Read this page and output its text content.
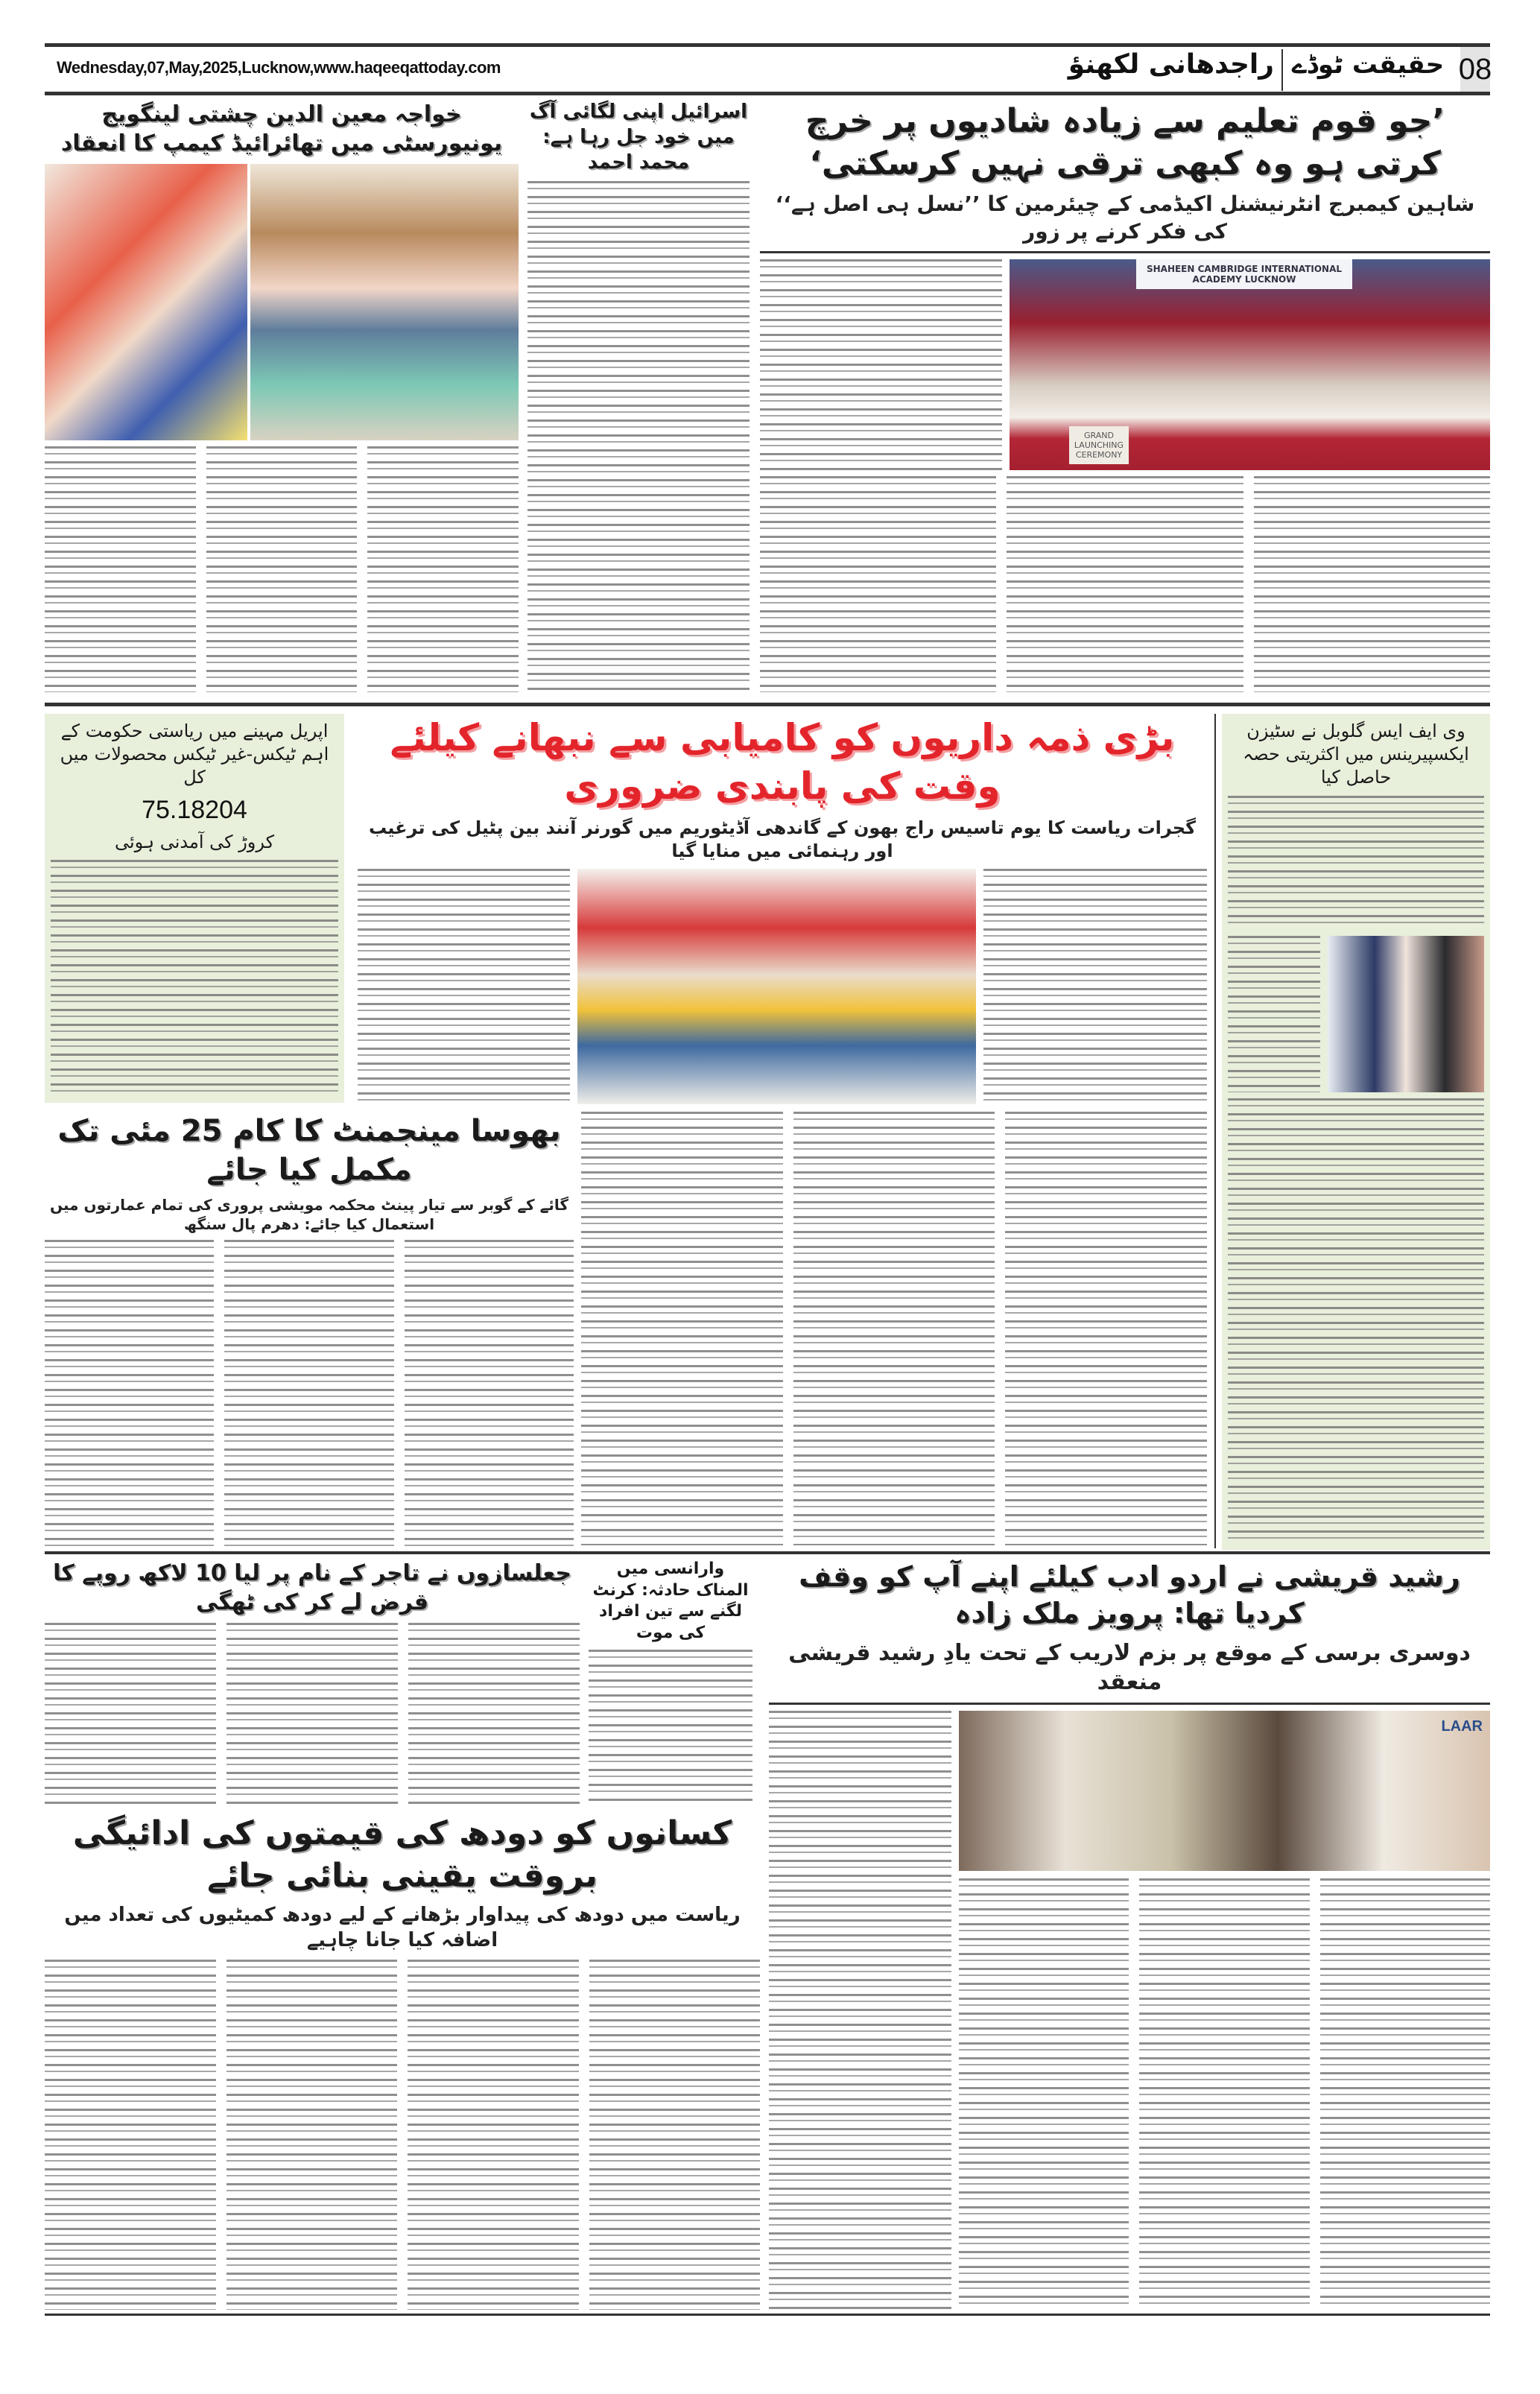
08
حقیقت ٹوڈے
راجدھانی لکھنؤ
Wednesday,07,May,2025,Lucknow,www.haqeeqattoday.com
’جو قوم تعلیم سے زیادہ شادیوں پر خرچ کرتی ہو وہ کبھی ترقی نہیں کرسکتی‘
شاہین کیمبرج انٹرنیشنل اکیڈمی کے چیئرمین کا ’’نسل ہی اصل ہے‘‘ کی فکر کرنے پر زور
SHAHEEN CAMBRIDGE INTERNATIONAL ACADEMY LUCKNOW
GRAND LAUNCHING CEREMONY
اسرائیل اپنی لگائی آگ میں خود جل رہا ہے: محمد احمد
خواجہ معین الدین چشتی لینگویج یونیورسٹی میں تھائرائیڈ کیمپ کا انعقاد
اپریل مہینے میں ریاستی حکومت کے اہم ٹیکس-غیر ٹیکس محصولات میں کل
75.18204
کروڑ کی آمدنی ہوئی
بڑی ذمہ داریوں کو کامیابی سے نبھانے کیلئے وقت کی پابندی ضروری
گجرات ریاست کا یوم تاسیس راج بھون کے گاندھی آڈیٹوریم میں گورنر آنند بین پٹیل کی ترغیب اور رہنمائی میں منایا گیا
وی ایف ایس گلوبل نے سٹیزن ایکسپیرینس میں اکثریتی حصہ حاصل کیا
بھوسا مینجمنٹ کا کام 25 مئی تک مکمل کیا جائے
گائے کے گوبر سے تیار پینٹ محکمہ مویشی پروری کی تمام عمارتوں میں استعمال کیا جائے: دھرم پال سنگھ
جعلسازوں نے تاجر کے نام پر لیا 10 لاکھ روپے کا قرض لے کر کی ٹھگی
وارانسی میں المناک حادثہ: کرنٹ لگنے سے تین افراد کی موت
کسانوں کو دودھ کی قیمتوں کی ادائیگی بروقت یقینی بنائی جائے
ریاست میں دودھ کی پیداوار بڑھانے کے لیے دودھ کمیٹیوں کی تعداد میں اضافہ کیا جانا چاہیے
رشید قریشی نے اردو ادب کیلئے اپنے آپ کو وقف کردیا تھا: پرویز ملک زادہ
دوسری برسی کے موقع پر بزم لاریب کے تحت یادِ رشید قریشی منعقد
LAAR
